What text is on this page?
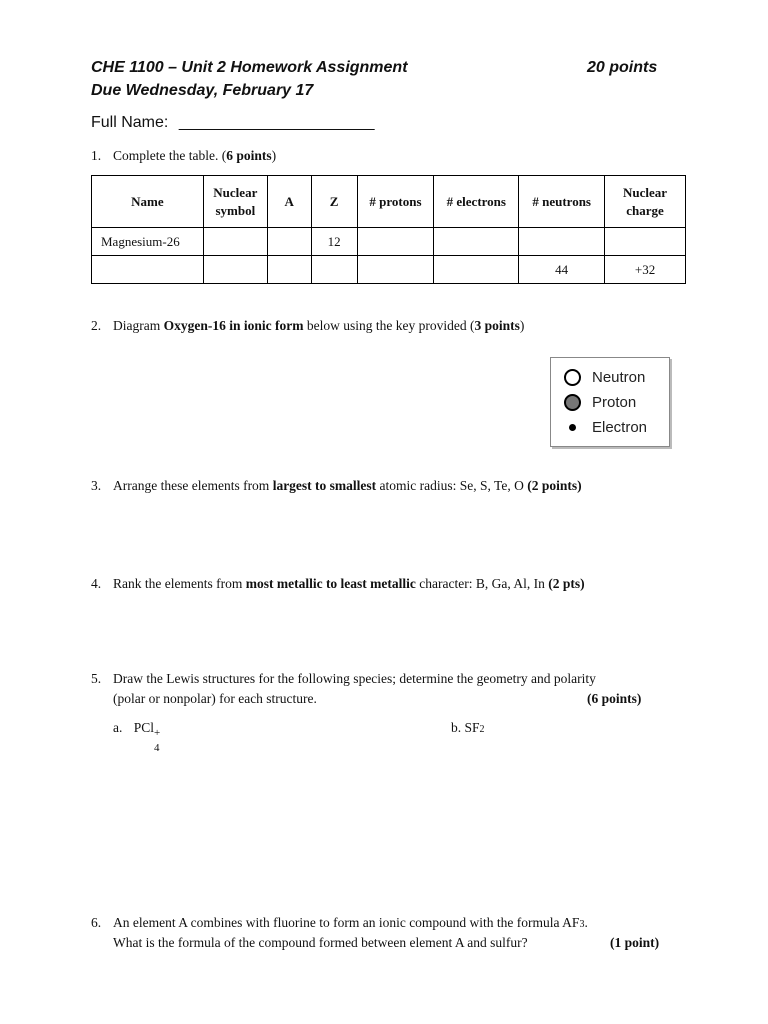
CHE 1100 – Unit 2 Homework Assignment	20 points
Due Wednesday, February 17
Full Name: ______________________
1. Complete the table. (6 points)
Name	Nuclear symbol	A	Z	# protons	# electrons	# neutrons	Nuclear charge
Magnesium-26			12				
						44	+32
2. Diagram Oxygen-16 in ionic form below using the key provided (3 points)
Neutron
Proton
Electron
3. Arrange these elements from largest to smallest atomic radius: Se, S, Te, O (2 points)
4. Rank the elements from most metallic to least metallic character: B, Ga, Al, In (2 pts)
5. Draw the Lewis structures for the following species; determine the geometry and polarity
(polar or nonpolar) for each structure.	(6 points)
a. PCl +
4
b. SF2
6. An element A combines with fluorine to form an ionic compound with the formula AF3.
What is the formula of the compound formed between element A and sulfur?	(1 point)
